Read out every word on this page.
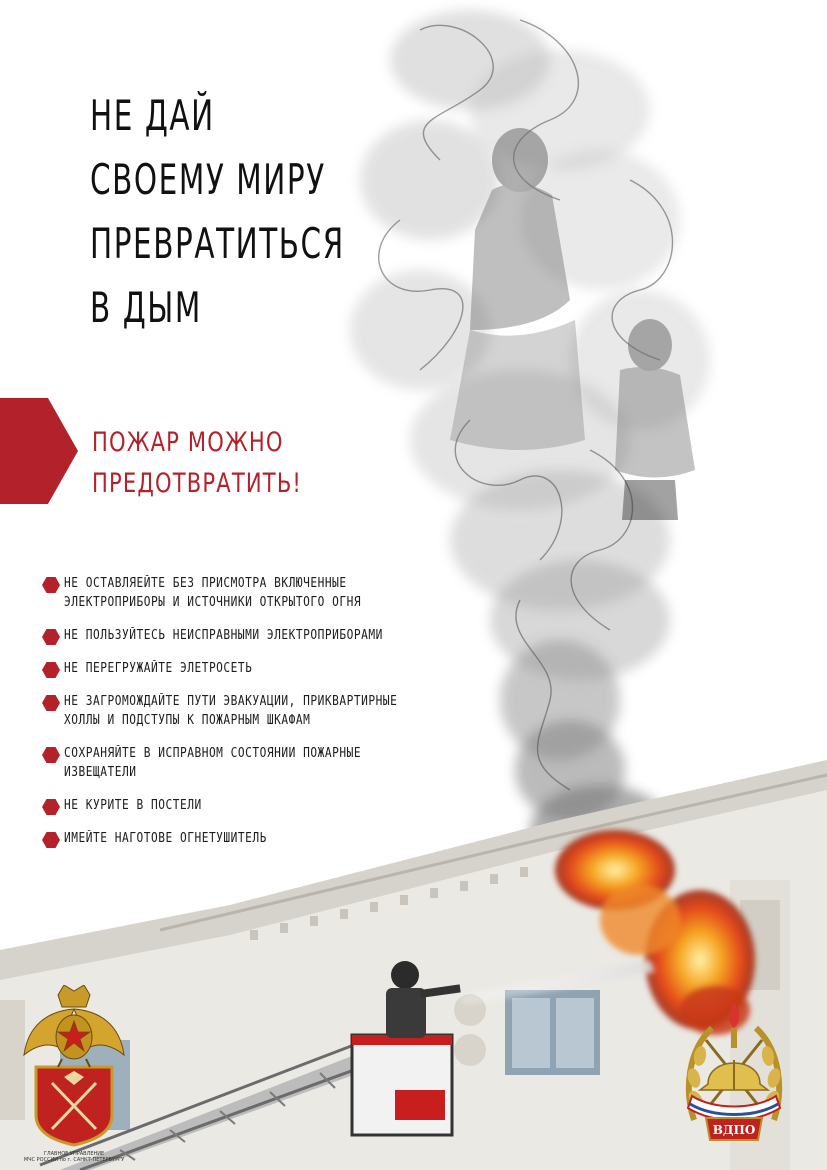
НЕ ДАЙ
СВОЕМУ МИРУ
ПРЕВРАТИТЬСЯ
В ДЫМ
ПОЖАР МОЖНО
ПРЕДОТВРАТИТЬ!
НЕ ОСТАВЛЯЕЙТЕ БЕЗ ПРИСМОТРА ВКЛЮЧЕННЫЕ
ЭЛЕКТРОПРИБОРЫ И ИСТОЧНИКИ ОТКРЫТОГО ОГНЯ
НЕ ПОЛЬЗУЙТЕСЬ НЕИСПРАВНЫМИ ЭЛЕКТРОПРИБОРАМИ
НЕ ПЕРЕГРУЖАЙТЕ ЭЛЕТРОСЕТЬ
НЕ ЗАГРОМОЖДАЙТЕ ПУТИ ЭВАКУАЦИИ, ПРИКВАРТИРНЫЕ
ХОЛЛЫ И ПОДСТУПЫ К ПОЖАРНЫМ ШКАФАМ
СОХРАНЯЙТЕ В ИСПРАВНОМ СОСТОЯНИИ ПОЖАРНЫЕ
ИЗВЕЩАТЕЛИ
НЕ КУРИТЕ В ПОСТЕЛИ
ИМЕЙТЕ НАГОТОВЕ ОГНЕТУШИТЕЛЬ
ГЛАВНОЕ УПРАВЛЕНИЕ
МЧС РОССИИ по г. САНКТ-ПЕТЕРБУРГУ
ВДПО
